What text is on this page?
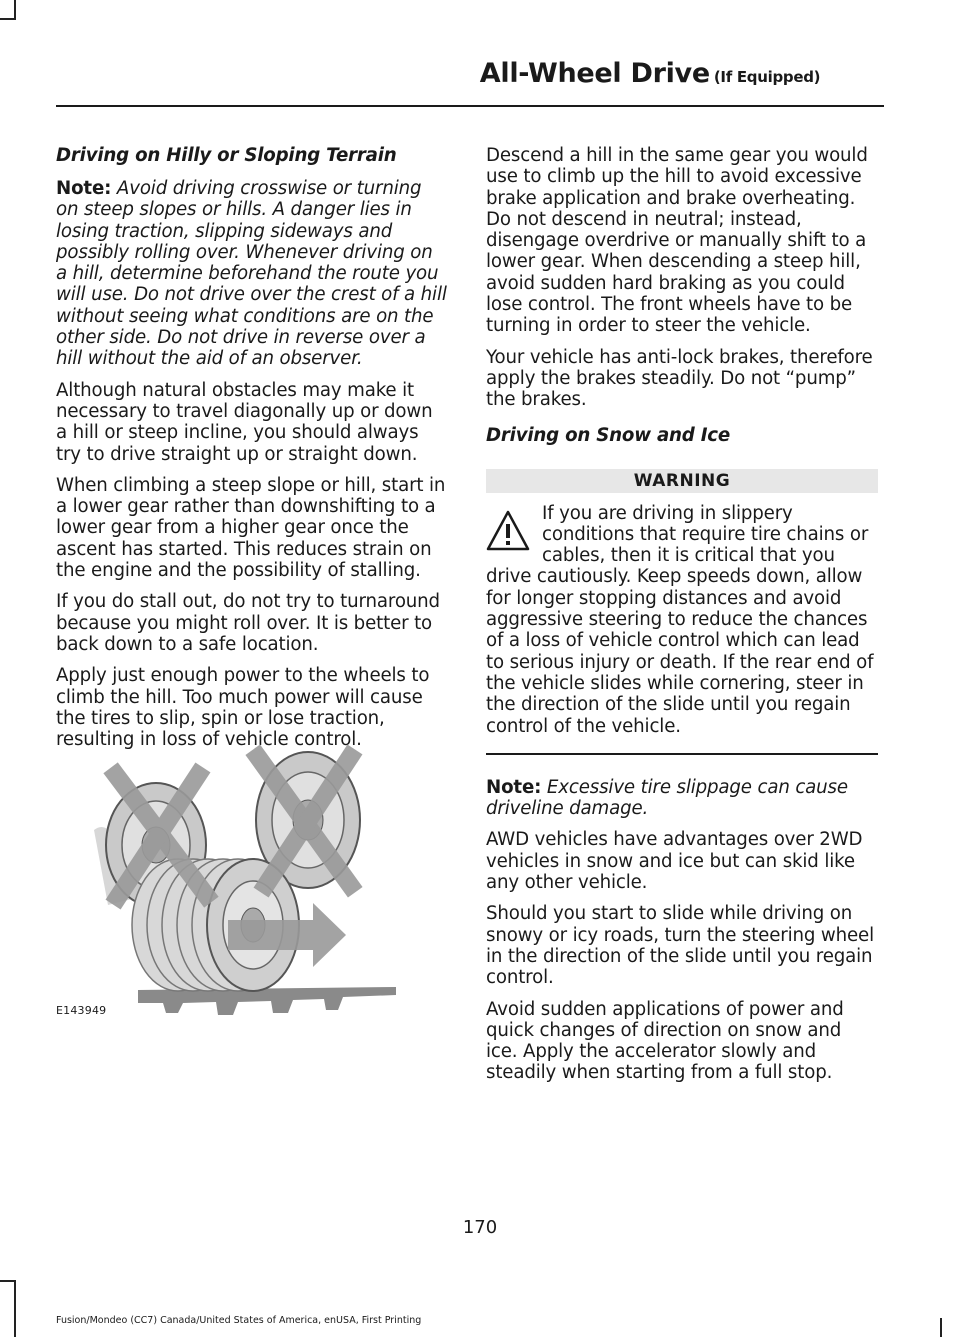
All-Wheel Drive (If Equipped)
Driving on Hilly or Sloping Terrain

Note: Avoid driving crosswise or turning on steep slopes or hills. A danger lies in losing traction, slipping sideways and possibly rolling over. Whenever driving on a hill, determine beforehand the route you will use. Do not drive over the crest of a hill without seeing what conditions are on the other side. Do not drive in reverse over a hill without the aid of an observer.

Although natural obstacles may make it necessary to travel diagonally up or down a hill or steep incline, you should always try to drive straight up or straight down.

When climbing a steep slope or hill, start in a lower gear rather than downshifting to a lower gear from a higher gear once the ascent has started. This reduces strain on the engine and the possibility of stalling.

If you do stall out, do not try to turnaround because you might roll over. It is better to back down to a safe location.

Apply just enough power to the wheels to climb the hill. Too much power will cause the tires to slip, spin or lose traction, resulting in loss of vehicle control.

E143949

Descend a hill in the same gear you would use to climb up the hill to avoid excessive brake application and brake overheating. Do not descend in neutral; instead, disengage overdrive or manually shift to a lower gear. When descending a steep hill, avoid sudden hard braking as you could lose control. The front wheels have to be turning in order to steer the vehicle.

Your vehicle has anti-lock brakes, therefore apply the brakes steadily. Do not “pump” the brakes.

Driving on Snow and Ice
WARNING
If you are driving in slippery conditions that require tire chains or cables, then it is critical that you drive cautiously. Keep speeds down, allow for longer stopping distances and avoid aggressive steering to reduce the chances of a loss of vehicle control which can lead to serious injury or death. If the rear end of the vehicle slides while cornering, steer in the direction of the slide until you regain control of the vehicle.

Note: Excessive tire slippage can cause driveline damage.

AWD vehicles have advantages over 2WD vehicles in snow and ice but can skid like any other vehicle.

Should you start to slide while driving on snowy or icy roads, turn the steering wheel in the direction of the slide until you regain control.

Avoid sudden applications of power and quick changes of direction on snow and ice. Apply the accelerator slowly and steadily when starting from a full stop.

170
Fusion/Mondeo (CC7) Canada/United States of America, enUSA, First Printing
